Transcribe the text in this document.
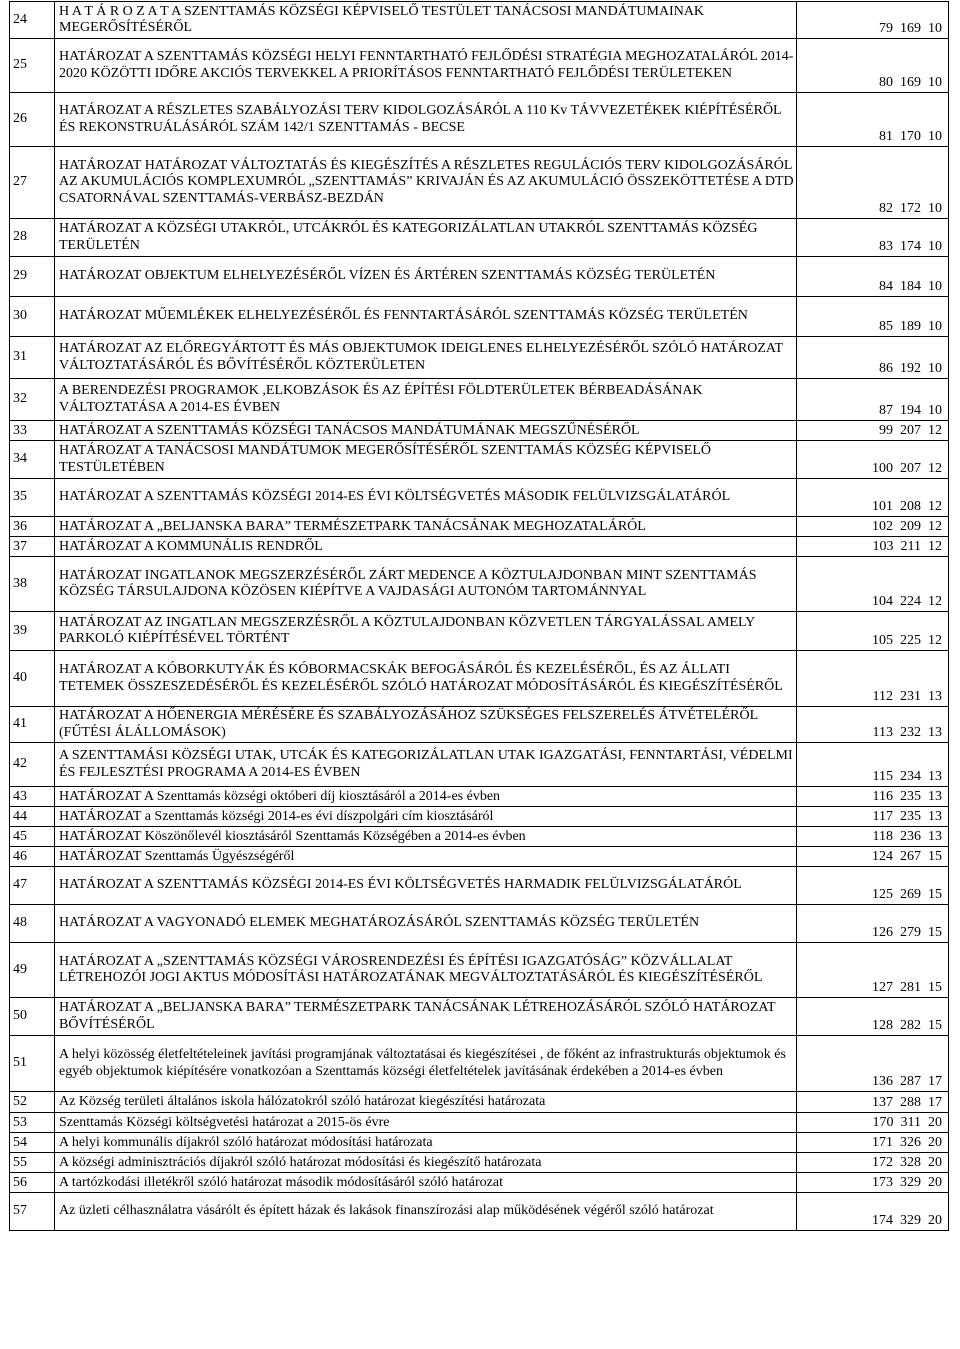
24	H A T Á R O Z A T A SZENTTAMÁS KÖZSÉGI KÉPVISELŐ TESTÜLET TANÁCSOSI MANDÁTUMAINAK MEGERŐSÍTÉSÉRŐL	79  169  10
25	HATÁROZAT A SZENTTAMÁS KÖZSÉGI HELYI FENNTARTHATÓ FEJLŐDÉSI STRATÉGIA MEGHOZATALÁRÓL 2014-2020 KÖZÖTTI IDŐRE AKCIÓS TERVEKKEL A PRIORÍTÁSOS FENNTARTHATÓ FEJLŐDÉSI TERÜLETEKEN	80  169  10
26	HATÁROZAT A RÉSZLETES SZABÁLYOZÁSI TERV KIDOLGOZÁSÁRÓL A 110 Kv TÁVVEZETÉKEK KIÉPÍTÉSÉRŐL ÉS REKONSTRUÁLÁSÁRÓL SZÁM 142/1 SZENTTAMÁS - BECSE	81  170  10
27	HATÁROZAT HATÁROZAT VÁLTOZTATÁS ÉS KIEGÉSZÍTÉS A RÉSZLETES REGULÁCIÓS TERV KIDOLGOZÁSÁRÓL AZ AKUMULÁCIÓS KOMPLEXUMRÓL „SZENTTAMÁS” KRIVAJÁN ÉS AZ AKUMULÁCIÓ ÖSSZEKÖTTETÉSE A DTD CSATORNÁVAL SZENTTAMÁS-VERBÁSZ-BEZDÁN	82  172  10
28	HATÁROZAT A KÖZSÉGI UTAKRÓL, UTCÁKRÓL ÉS KATEGORIZÁLATLAN UTAKRÓL SZENTTAMÁS KÖZSÉG TERÜLETÉN	83  174  10
29	HATÁROZAT OBJEKTUM ELHELYEZÉSÉRŐL VÍZEN ÉS ÁRTÉREN SZENTTAMÁS KÖZSÉG TERÜLETÉN	84  184  10
30	HATÁROZAT MŰEMLÉKEK ELHELYEZÉSÉRŐL ÉS FENNTARTÁSÁRÓL SZENTTAMÁS KÖZSÉG TERÜLETÉN	85  189  10
31	HATÁROZAT AZ ELŐREGYÁRTOTT ÉS MÁS OBJEKTUMOK IDEIGLENES ELHELYEZÉSÉRŐL SZÓLÓ HATÁROZAT VÁLTOZTATÁSÁRÓL ÉS BŐVÍTÉSÉRŐL KÖZTERÜLETEN	86  192  10
32	A BERENDEZÉSI PROGRAMOK ,ELKOBZÁSOK ÉS AZ ÉPÍTÉSI FÖLDTERÜLETEK BÉRBEADÁSÁNAK VÁLTOZTATÁSA A 2014-ES ÉVBEN	87  194  10
33	HATÁROZAT A SZENTTAMÁS KÖZSÉGI TANÁCSOS MANDÁTUMÁNAK MEGSZŰNÉSÉRŐL	99  207  12
34	HATÁROZAT A TANÁCSOSI MANDÁTUMOK MEGERŐSÍTÉSÉRŐL SZENTTAMÁS KÖZSÉG KÉPVISELŐ TESTÜLETÉBEN	100  207  12
35	HATÁROZAT A SZENTTAMÁS KÖZSÉGI 2014-ES ÉVI KÖLTSÉGVETÉS MÁSODIK FELÜLVIZSGÁLATÁRÓL	101  208  12
36	HATÁROZAT A „BELJANSKA BARA” TERMÉSZETPARK TANÁCSÁNAK MEGHOZATALÁRÓL	102  209  12
37	HATÁROZAT A KOMMUNÁLIS RENDRŐL	103  211  12
38	HATÁROZAT INGATLANOK MEGSZERZÉSÉRŐL ZÁRT MEDENCE A KÖZTULAJDONBAN MINT SZENTTAMÁS KÖZSÉG TÁRSULAJDONA KÖZÖSEN KIÉPÍTVE A VAJDASÁGI AUTONÓM TARTOMÁNNYAL	104  224  12
39	HATÁROZAT AZ INGATLAN MEGSZERZÉSRŐL A KÖZTULAJDONBAN KÖZVETLEN TÁRGYALÁSSAL AMELY PARKOLÓ KIÉPÍTÉSÉVEL TÖRTÉNT	105  225  12
40	HATÁROZAT A KÓBORKUTYÁK ÉS KÓBORMACSKÁK BEFOGÁSÁRÓL ÉS KEZELÉSÉRŐL, ÉS AZ ÁLLATI TETEMEK ÖSSZESZEDÉSÉRŐL ÉS KEZELÉSÉRŐL SZÓLÓ HATÁROZAT MÓDOSÍTÁSÁRÓL ÉS KIEGÉSZÍTÉSÉRŐL	112  231  13
41	HATÁROZAT A HŐENERGIA MÉRÉSÉRE ÉS SZABÁLYOZÁSÁHOZ SZÜKSÉGES FELSZERELÉS ÁTVÉTELÉRŐL (FŰTÉSI ÁLÁLLOMÁSOK)	113  232  13
42	A SZENTTAMÁSI KÖZSÉGI UTAK, UTCÁK ÉS KATEGORIZÁLATLAN UTAK IGAZGATÁSI, FENNTARTÁSI, VÉDELMI ÉS FEJLESZTÉSI PROGRAMA A 2014-ES ÉVBEN	115  234  13
43	HATÁROZAT A Szenttamás községi októberi díj kiosztásáról a 2014-es évben	116  235  13
44	HATÁROZAT a Szenttamás községi 2014-es évi díszpolgári cím kiosztásáról	117  235  13
45	HATÁROZAT Köszönőlevél kiosztásáról Szenttamás Községében a 2014-es évben	118  236  13
46	HATÁROZAT Szenttamás Ügyészségéről	124  267  15
47	HATÁROZAT A SZENTTAMÁS KÖZSÉGI 2014-ES ÉVI KÖLTSÉGVETÉS HARMADIK FELÜLVIZSGÁLATÁRÓL	125  269  15
48	HATÁROZAT A VAGYONADÓ ELEMEK MEGHATÁROZÁSÁRÓL SZENTTAMÁS KÖZSÉG TERÜLETÉN	126  279  15
49	HATÁROZAT A „SZENTTAMÁS KÖZSÉGI VÁROSRENDEZÉSI ÉS ÉPÍTÉSI IGAZGATÓSÁG” KÖZVÁLLALAT LÉTREHOZÓI JOGI AKTUS MÓDOSÍTÁSI HATÁROZATÁNAK MEGVÁLTOZTATÁSÁRÓL ÉS KIEGÉSZÍTÉSÉRŐL	127  281  15
50	HATÁROZAT A „BELJANSKA BARA” TERMÉSZETPARK TANÁCSÁNAK LÉTREHOZÁSÁRÓL SZÓLÓ HATÁROZAT BŐVÍTÉSÉRŐL	128  282  15
51	A helyi közösség életfeltételeinek javítási programjának változtatásai és kiegészítései , de főként az infrastrukturás objektumok és egyéb objektumok kiépítésére vonatkozóan a Szenttamás községi életfeltételek javításának érdekében a 2014-es évben	136  287  17
52	Az Község területi általános iskola hálózatokról szóló határozat kiegészítési határozata	137  288  17
53	Szenttamás Községi költségvetési határozat a 2015-ös évre	170  311  20
54	A helyi kommunális díjakról szóló határozat módosítási határozata	171  326  20
55	A községi adminisztrációs díjakról szóló határozat módosítási és kiegészítő határozata	172  328  20
56	A tartózkodási illetékről szóló határozat második módosításáról szóló határozat	173  329  20
57	Az üzleti célhasználatra vásárólt és épített házak és lakások finanszírozási alap működésének végéről szóló határozat	174  329  20
